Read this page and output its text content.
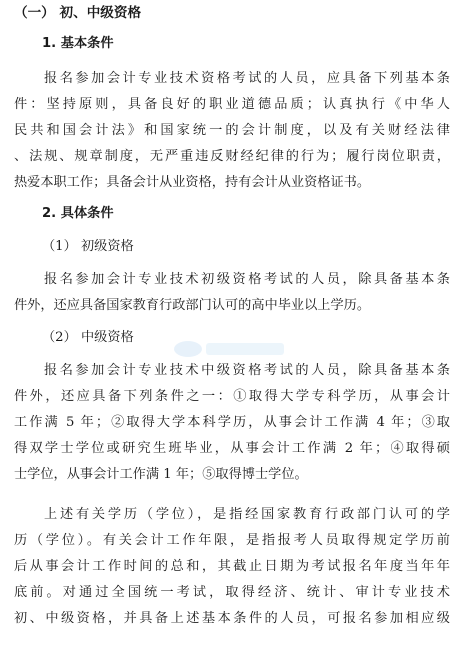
（一） 初、中级资格
1. 基本条件
报名参加会计专业技术资格考试的人员，应具备下列基本条
件：坚持原则，具备良好的职业道德品质；认真执行《中华人
民共和国会计法》和国家统一的会计制度，以及有关财经法律
、法规、规章制度，无严重违反财经纪律的行为；履行岗位职责，
热爱本职工作；具备会计从业资格，持有会计从业资格证书。
2. 具体条件
（1） 初级资格
报名参加会计专业技术初级资格考试的人员，除具备基本条
件外，还应具备国家教育行政部门认可的高中毕业以上学历。
（2） 中级资格
报名参加会计专业技术中级资格考试的人员，除具备基本条
件外，还应具备下列条件之一：①取得大学专科学历，从事会计
工作满 5 年；②取得大学本科学历，从事会计工作满 4 年；③取
得双学士学位或研究生班毕业，从事会计工作满 2 年；④取得硕
士学位，从事会计工作满 1 年；⑤取得博士学位。
上述有关学历（学位），是指经国家教育行政部门认可的学
历（学位）。有关会计工作年限，是指报考人员取得规定学历前
后从事会计工作时间的总和，其截止日期为考试报名年度当年年
底前。对通过全国统一考试，取得经济、统计、审计专业技术
初、中级资格，并具备上述基本条件的人员，可报名参加相应级
